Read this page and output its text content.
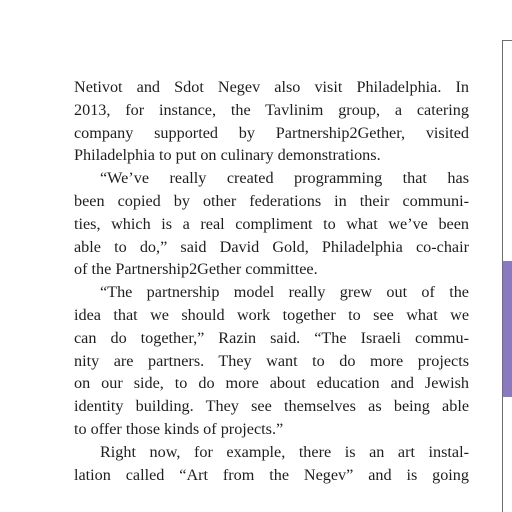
Netivot and Sdot Negev also visit Philadelphia. In
2013, for instance, the Tavlinim group, a catering
company supported by Partnership2Gether, visited
Philadelphia to put on culinary demonstrations.
“We’ve really created programming that has
been copied by other federations in their communi-
ties, which is a real compliment to what we’ve been
able to do,” said David Gold, Philadelphia co-chair
of the Partnership2Gether committee.
“The partnership model really grew out of the
idea that we should work together to see what we
can do together,” Razin said. “The Israeli commu-
nity are partners. They want to do more projects
on our side, to do more about education and Jewish
identity building. They see themselves as being able
to offer those kinds of projects.”
Right now, for example, there is an art instal-
lation called “Art from the Negev” and is going
